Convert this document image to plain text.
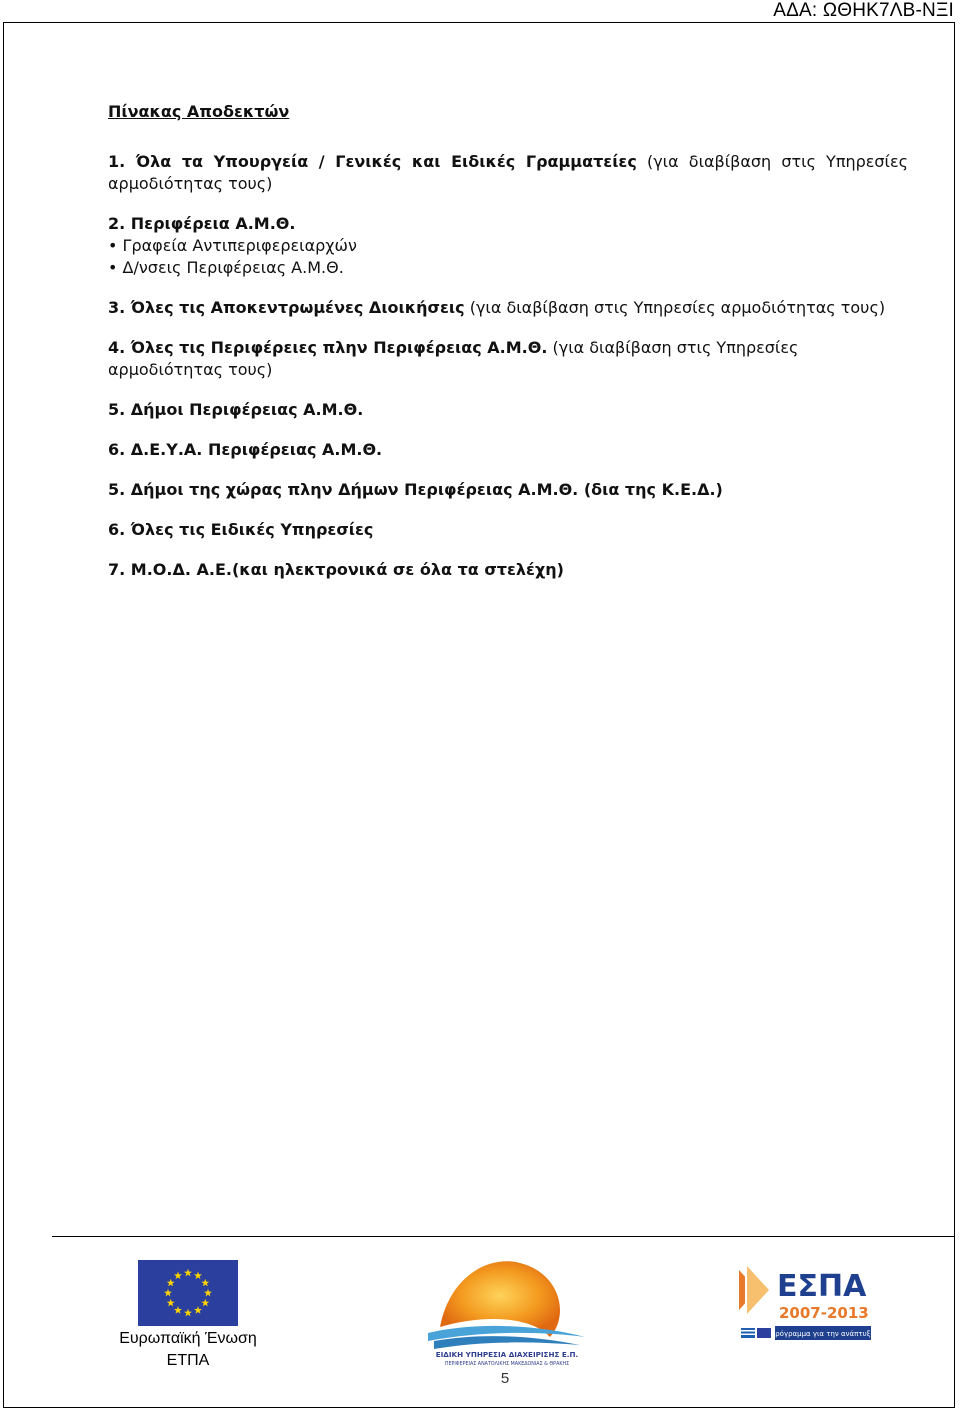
ΑΔΑ: ΩΘΗΚ7ΛΒ-ΝΞΙ

Πίνακας Αποδεκτών

1. Όλα τα Υπουργεία / Γενικές και Ειδικές Γραμματείες (για διαβίβαση στις Υπηρεσίες αρμοδιότητας τους)

2. Περιφέρεια Α.Μ.Θ.

• Γραφεία Αντιπεριφερειαρχών

• Δ/νσεις Περιφέρειας Α.Μ.Θ.

3. Όλες τις Αποκεντρωμένες Διοικήσεις (για διαβίβαση στις Υπηρεσίες αρμοδιότητας τους)

4. Όλες τις Περιφέρειες πλην Περιφέρειας Α.Μ.Θ. (για διαβίβαση στις Υπηρεσίες αρμοδιότητας τους)

5. Δήμοι Περιφέρειας Α.Μ.Θ.

6. Δ.Ε.Υ.Α. Περιφέρειας Α.Μ.Θ.

5. Δήμοι της χώρας πλην Δήμων Περιφέρειας Α.Μ.Θ. (δια της Κ.Ε.Δ.)

6. Όλες τις Ειδικές Υπηρεσίες

7. Μ.Ο.Δ. Α.Ε.(και ηλεκτρονικά σε όλα τα στελέχη)

Ευρωπαϊκή Ένωση
ΕΤΠΑ	ΕΙΔΙΚΗ ΥΠΗΡΕΣΙΑ ΔΙΑΧΕΙΡΙΣΗΣ Ε.Π.
ΠΕΡΙΦΕΡΕΙΑΣ ΑΝΑΤΟΛΙΚΗΣ ΜΑΚΕΔΟΝΙΑΣ & ΘΡΑΚΗΣ
ΕΣΠΑ
2007-2013
πρόγραμμα για την ανάπτυξη
5
